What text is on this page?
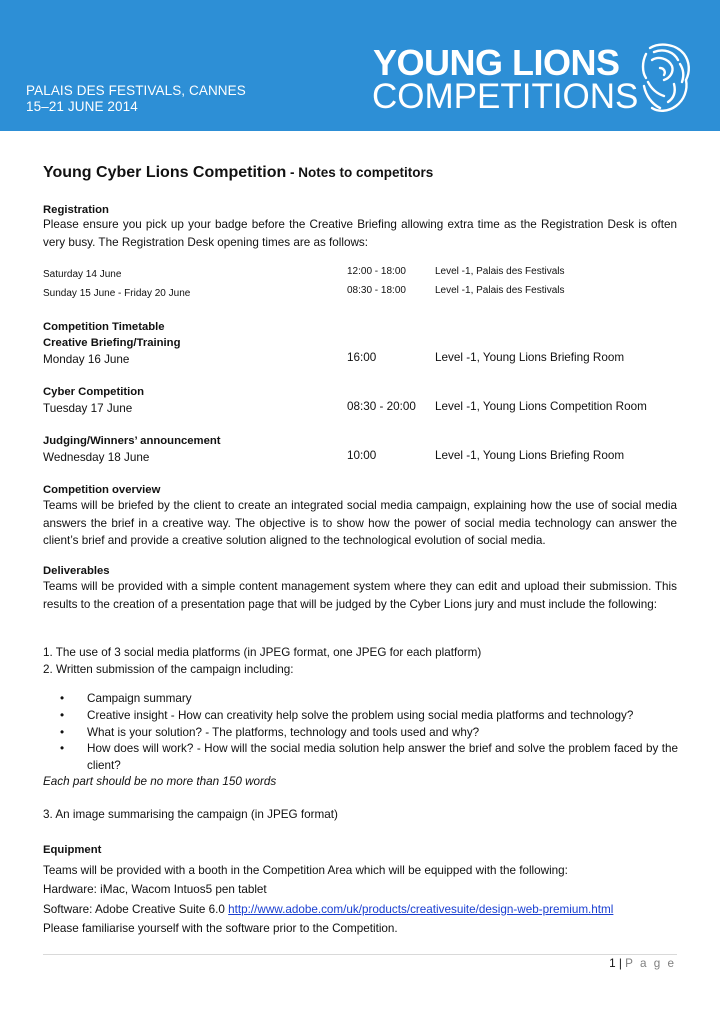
PALAIS DES FESTIVALS, CANNES
15–21 JUNE 2014
YOUNG LIONS
COMPETITIONS
Young Cyber Lions Competition - Notes to competitors
Registration
Please ensure you pick up your badge before the Creative Briefing allowing extra time as the Registration Desk is often very busy. The Registration Desk opening times are as follows:
Saturday 14 June	12:00 - 18:00	Level -1, Palais des Festivals
Sunday 15 June - Friday 20 June	08:30 - 18:00	Level -1, Palais des Festivals
Competition Timetable
Creative Briefing/Training
Monday 16 June	16:00	Level -1, Young Lions Briefing Room
Cyber Competition
Tuesday 17 June	08:30 - 20:00 Level -1, Young Lions Competition Room
Judging/Winners’ announcement
Wednesday 18 June	10:00	Level -1, Young Lions Briefing Room
Competition overview
Teams will be briefed by the client to create an integrated social media campaign, explaining how the use of social media answers the brief in a creative way. The objective is to show how the power of social media technology can answer the client’s brief and provide a creative solution aligned to the technological evolution of social media.
Deliverables
Teams will be provided with a simple content management system where they can edit and upload their submission. This results to the creation of a presentation page that will be judged by the Cyber Lions jury and must include the following:
1. The use of 3 social media platforms (in JPEG format, one JPEG for each platform)
2. Written submission of the campaign including:
• Campaign summary
• Creative insight - How can creativity help solve the problem using social media platforms and technology?
• What is your solution? - The platforms, technology and tools used and why?
• How does will work? - How will the social media solution help answer the brief and solve the problem faced by the client?
Each part should be no more than 150 words
3. An image summarising the campaign (in JPEG format)
Equipment
Teams will be provided with a booth in the Competition Area which will be equipped with the following:
Hardware: iMac, Wacom Intuos5 pen tablet
Software: Adobe Creative Suite 6.0 http://www.adobe.com/uk/products/creativesuite/design-web-premium.html
Please familiarise yourself with the software prior to the Competition.
1 | P a g e
